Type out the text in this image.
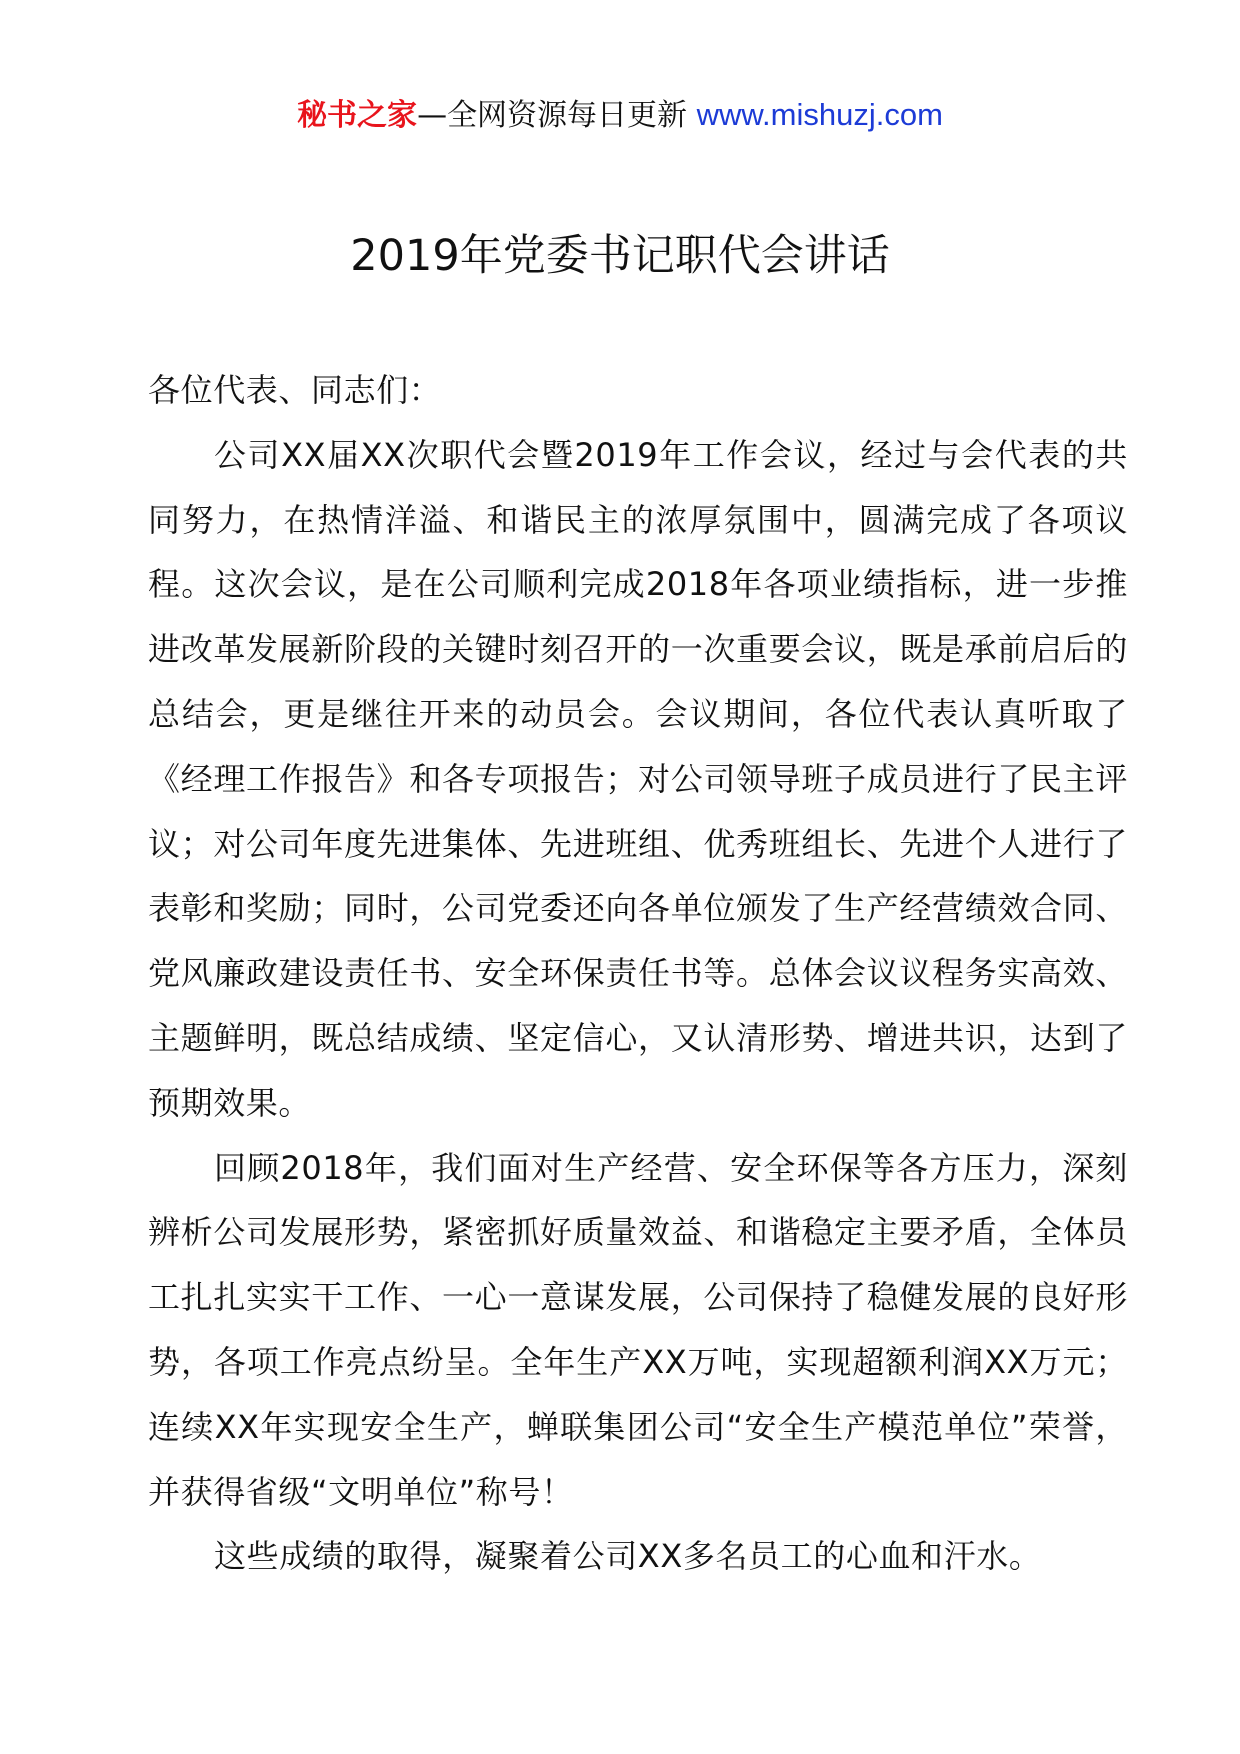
秘书之家—全网资源每日更新 www.mishuzj.com
2019年党委书记职代会讲话

各位代表、同志们：

公司XX届XX次职代会暨2019年工作会议，经过与会代表的共同努力，在热情洋溢、和谐民主的浓厚氛围中，圆满完成了各项议程。这次会议，是在公司顺利完成2018年各项业绩指标，进一步推进改革发展新阶段的关键时刻召开的一次重要会议，既是承前启后的总结会，更是继往开来的动员会。会议期间，各位代表认真听取了《经理工作报告》和各专项报告；对公司领导班子成员进行了民主评议；对公司年度先进集体、先进班组、优秀班组长、先进个人进行了表彰和奖励；同时，公司党委还向各单位颁发了生产经营绩效合同、党风廉政建设责任书、安全环保责任书等。总体会议议程务实高效、主题鲜明，既总结成绩、坚定信心，又认清形势、增进共识，达到了预期效果。

回顾2018年，我们面对生产经营、安全环保等各方压力，深刻辨析公司发展形势，紧密抓好质量效益、和谐稳定主要矛盾，全体员工扎扎实实干工作、一心一意谋发展，公司保持了稳健发展的良好形势，各项工作亮点纷呈。全年生产XX万吨，实现超额利润XX万元；连续XX年实现安全生产，蝉联集团公司“安全生产模范单位”荣誉，并获得省级“文明单位”称号！

这些成绩的取得，凝聚着公司XX多名员工的心血和汗水。
